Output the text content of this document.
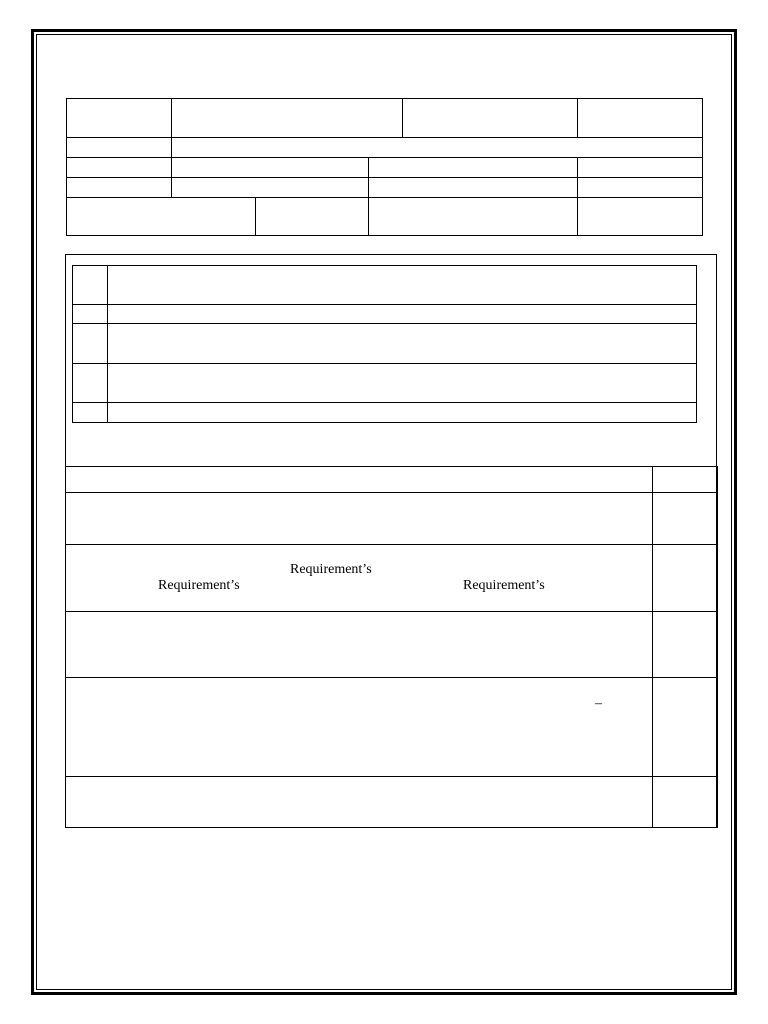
Requirement’s
Requirement’s	Requirement’s
–
